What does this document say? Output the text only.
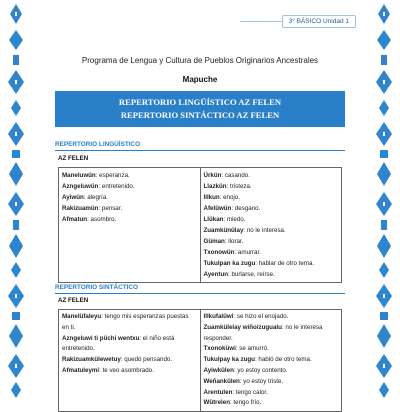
3° BÁSICO Unidad 1
Programa de Lengua y Cultura de Pueblos Originarios Ancestrales
Mapuche
REPERTORIO LINGÜÍSTICO AZ FELEN
REPERTORIO SINTÁCTICO AZ FELEN
REPERTORIO LINGÜÍSTICO
AZ FELEN
Maneluwün: esperanza.
Azngeluwün: entretenido.
Ayiwün: alegría.
Rakizuamün: pensar.
Afmatun: asombro.

Ürkün: casando.
Llazkün: tristeza.
Illkun: enojo.
Afelüwün: desgano.
Llükan: miedo.
Zuamkünülay: no le interesa.
Güman: llorar.
Txonowün: amurrar.
Tukulpan ka zugu: hablar de otro tema.
Ayentun: burlarse, reírse.
REPERTORIO SINTÁCTICO
AZ FELEN
Manelüfaleyu: tengo mis esperanzas puestas
en ti.
Azngeluwi ti püchi wentxu: el niño está
entretenido.
Rakizuamkülewetuy: quedó pensando.
Afmatuleymi: te veo asombrado.

Illkufalüwi: se hizo el enojado.
Zuamkülelay wiño/zugualu: no le interesa
responder.
Txonoküwi: se amurró.
Tukulpay ka zugu: habló de otro tema.
Ayiwkülen: yo estoy contento.
Weñankülen: yo estoy triste.
Arentulen: tengo calor.
Wütrelen: tengo frío.
